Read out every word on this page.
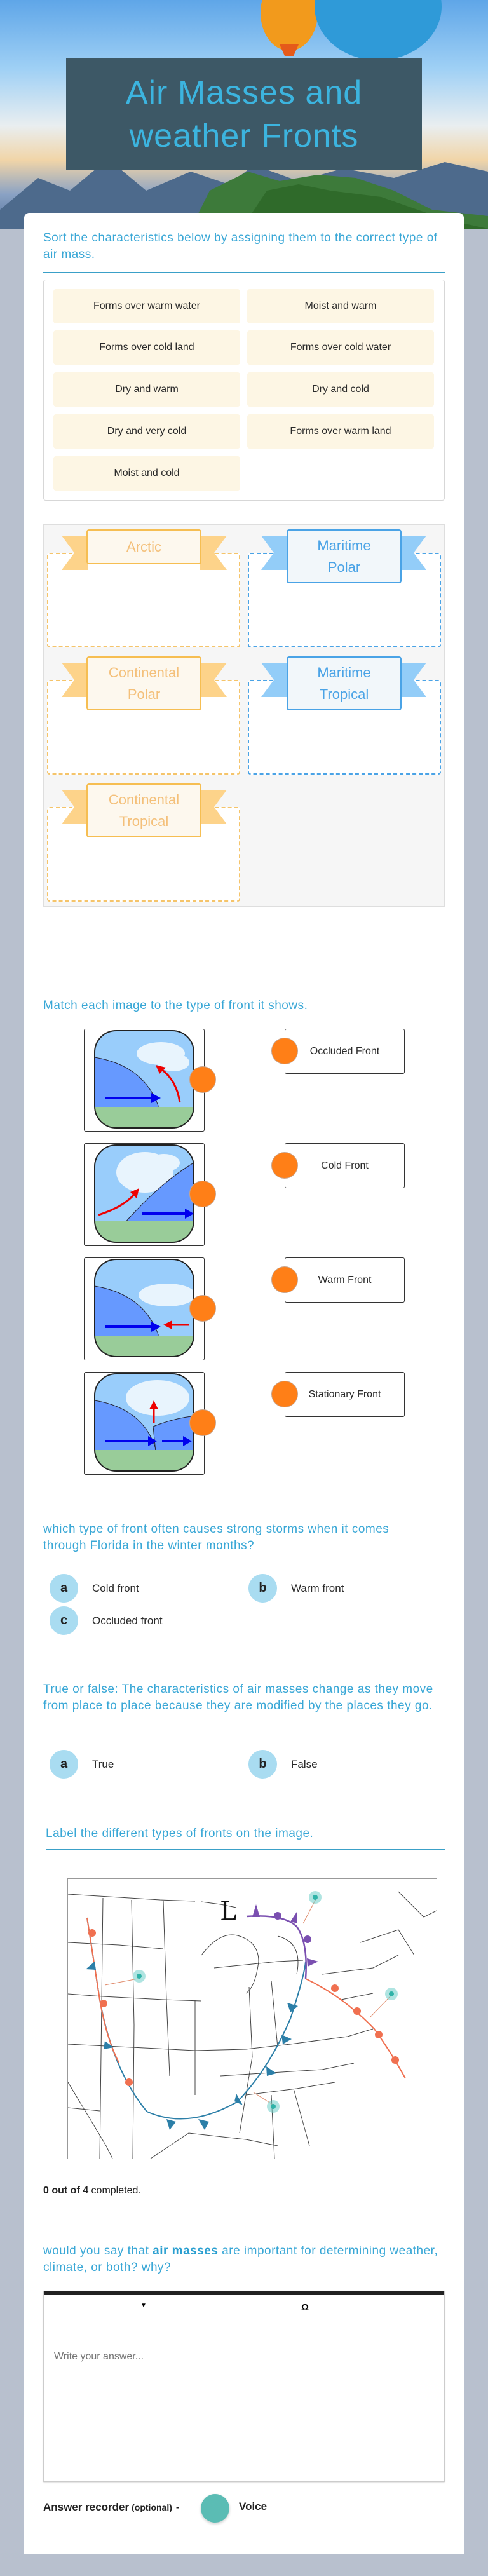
Air Masses and
weather Fronts
Sort the characteristics below by assigning them to the correct type of air mass.
Forms over warm water	Moist and warm
Forms over cold land	Forms over cold water
Dry and warm	Dry and cold
Dry and very cold	Forms over warm land
Moist and cold
Arctic	Maritime
Polar
Continental
Polar
Maritime
Tropical
Continental
Tropical
Match each image to the type of front it shows.
Occluded Front
Cold Front
Warm Front
Stationary Front
which type of front often causes strong storms when it comes through Florida in the winter months?
a	Cold front	b	Warm front
c	Occluded front
True or false: The characteristics of air masses change as they move from place to place because they are modified by the places they go.
a	True	b	False
Label the different types of fronts on the image.
L
0 out of 4 completed.
would you say that air masses are important for determining weather, climate, or both? why?
▼	Ω
Write your answer...
Answer recorder (optional) -	Voice
